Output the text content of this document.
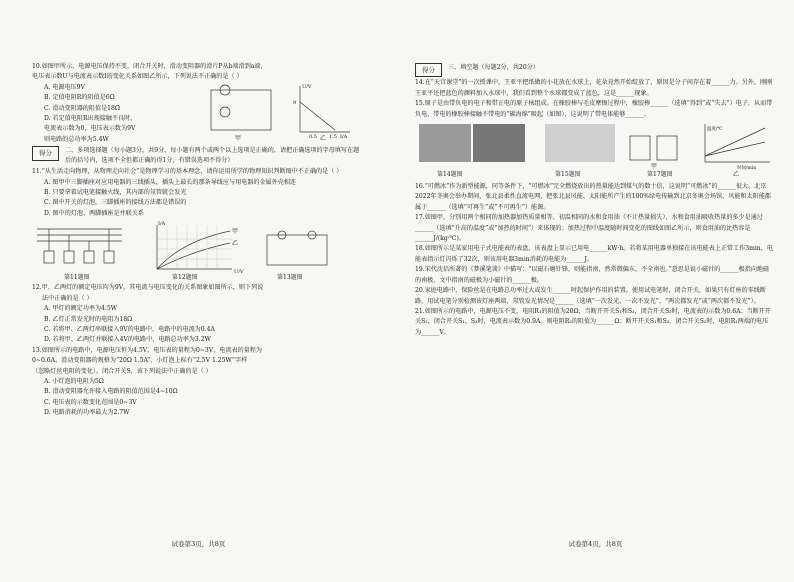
10.如图甲所示，电源电压保持不变，闭合开关时，滑动变阻器的滑片P从b端滑到a端，
电压表示数U与电流表示数I的变化关系如图乙所示，下列说法不正确的是（ ）
A. 电源电压9V
B. 定值电阻R的阻值是6Ω
C. 滑动变阻器的阻值是18Ω
D. 若定值电阻R出现接触不良时，
电流表示数为0，电压表示数为9V
则电路的总功率为5.4W
得分	二、多项选择题（每小题3分，共9分，每小题有两个或两个以上选项是正确的，请把正确选项的字母填写在题后的括号内，选项不全但都正确的得1分，有错误选项不得分）
11.“从生活走向物理，从物理走向社会”是物理学习的基本理念，请你运用所学的物理知识判断图中不正确的是（ ）
A. 图甲中三脚插座对应用电器的三线插头，插头上最长的那条导线应与用电器的金属外壳相连
B. 只要拿着试电笔接触火线，其内部的氖管就会发光
C. 图中开关的灯泡，三脚插座的接线方法都是错误的
D. 图中的灯泡、两脚插座是并联关系
甲
乙
I/A
U/V
第11题图	第12题图	第13题图
12.甲、乙两灯的额定电压均为9V，其电流与电压变化的关系图象如图所示，则下列说
法中正确的是（ ）
A. 甲灯的额定功率为4.5W
B. 乙灯正常发光时的电阻为18Ω
C. 若将甲、乙两灯串联接入9V的电路中，电路中的电流为0.4A
D. 若将甲、乙两灯并联接入4V的电路中，电路总功率为3.2W
13.如图所示的电路中，电源电压恒为4.5V，电压表的量程为0~3V，电流表的量程为
0~0.6A，滑动变阻器的规格为“20Ω 1.5A”，小灯泡上标有“2.5V 1.25W”字样
（忽略灯丝电阻的变化）。闭合开关S，该下列说法中正确的是（ ）
A. 小灯泡的电阻为5Ω
B. 滑动变阻器允许接入电路的阻值范围是4~10Ω
C. 电压表的示数变化范围是0~3V
D. 电路消耗的功率最大为2.7W
甲	乙
U/V
I/A
9
0.5 1.5
试卷第3页，共8页
得分	三、填空题（每题2分，共20分）
14.在“天宫课堂”的一次授课中，王亚平把纸做的小花放在水球上，花朵竟然开始绽放了，原因是分子间存在着______力。另外，刚刚王亚平还把蓝色的颜料加入水球中，我们看到整个水球都变成了蓝色，这是______现象。
15.原子是由带负电的电子和带正电的原子核组成。在橡胶棒与毛皮摩擦过程中，橡胶棒______（选填“得到”或“失去”）电子，从而带负电，带电的橡胶棒接触不带电的“碳海绵”吸起（如图），这说明了带电体能够______。
温度/℃
时间/min
甲
乙
第14题图	第15题图	第17题图
16.“可燃冰”作为新型能源，同等条件下，“可燃冰”完全燃烧放出的热量能达到煤气的数十倍，这说明“可燃冰”的______很大。北京2022年冬奥会举办期间，张北县柔性直流电网，把张北县风能、太阳能所产生的100%绿电传输到北京冬奥会场馆，风能和太阳能都属于______（选填“可再生”或“不可再生”）能源。
17.如图甲，分别用两个相同的加热器加热质量相等、初温相同的水和食用油（不计热量损失），水和食用油吸收热量的多少是通过______（选填“升高的温度”或“加热的时间”）来体现的；加热过程中温度随时间变化的图线如图乙所示，则食用油的比热容是______J/(kg·℃)。
18.如图所示是某家用电子式电能表的表盘，该表盘上显示已用电______kW·h。若将某用电器单独接在该电能表上正常工作3min，电能表指示灯闪烁了32次，则该用电器3min消耗的电能为______J。
19.宋代沈括所著的《梦溪笔谈》中描写：“以磁石磨针锋，则能指南，然常微偏东，不全南也。”意思是说小磁针的______极指向地磁的南极，文中指南的磁极为小磁针的______极。
20.家庭电路中，保险丝是在电路总功率过大或发生______时起保护作用的装置。使用试电笔时，闭合开关，如果只有灯座的零线断路，用试电笔分别检测该灯座两端，氖管发光情况是______（选填“一次发光、一次不发光”、“两次都发光”或“两次都不发光”）。
21.如图所示的电路中，电源电压不变，电阻R₁的阻值为20Ω，当断开开关S₁和S₃，闭合开关S₂时，电流表的示数为0.6A；当断开开关S₂，闭合开关S₁、S₃时，电流表示数为0.9A。则电阻R₂的阻值为______Ω；断开开关S₁和S₃，闭合开关S₂时，电阻R₁两端的电压为______V。
试卷第4页，共8页
